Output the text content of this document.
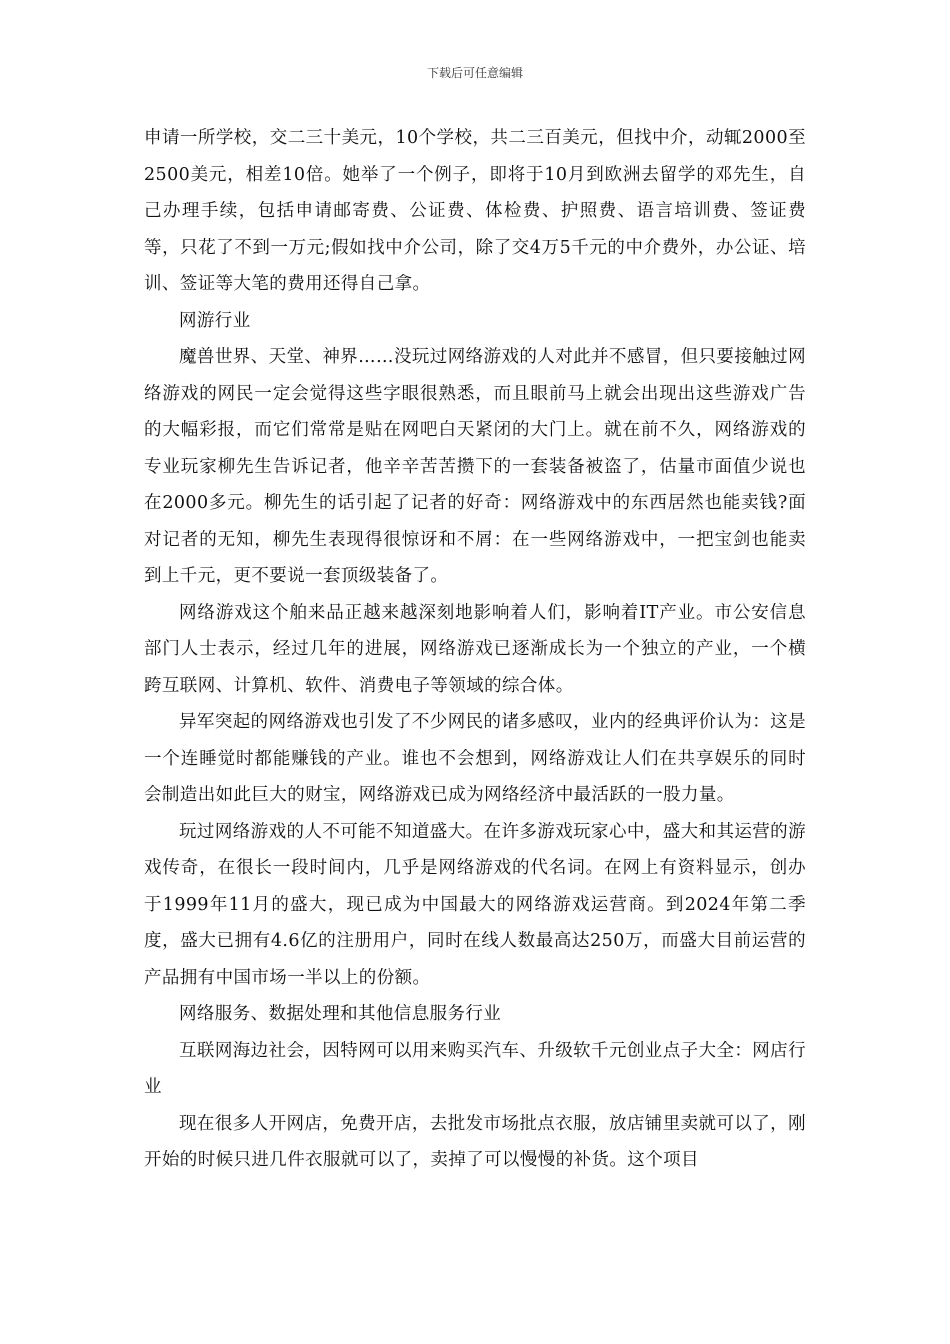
下载后可任意编辑

申请一所学校，交二三十美元，10个学校，共二三百美元，但找中介，动辄2000至2500美元，相差10倍。她举了一个例子，即将于10月到欧洲去留学的邓先生，自己办理手续，包括申请邮寄费、公证费、体检费、护照费、语言培训费、签证费等，只花了不到一万元;假如找中介公司，除了交4万5千元的中介费外，办公证、培训、签证等大笔的费用还得自己拿。

网游行业

魔兽世界、天堂、神界……没玩过网络游戏的人对此并不感冒，但只要接触过网络游戏的网民一定会觉得这些字眼很熟悉，而且眼前马上就会出现出这些游戏广告的大幅彩报，而它们常常是贴在网吧白天紧闭的大门上。就在前不久，网络游戏的专业玩家柳先生告诉记者，他辛辛苦苦攒下的一套装备被盗了，估量市面值少说也在2000多元。柳先生的话引起了记者的好奇：网络游戏中的东西居然也能卖钱?面对记者的无知，柳先生表现得很惊讶和不屑：在一些网络游戏中，一把宝剑也能卖到上千元，更不要说一套顶级装备了。

网络游戏这个舶来品正越来越深刻地影响着人们，影响着IT产业。市公安信息部门人士表示，经过几年的进展，网络游戏已逐渐成长为一个独立的产业，一个横跨互联网、计算机、软件、消费电子等领域的综合体。

异军突起的网络游戏也引发了不少网民的诸多感叹，业内的经典评价认为：这是一个连睡觉时都能赚钱的产业。谁也不会想到，网络游戏让人们在共享娱乐的同时会制造出如此巨大的财宝，网络游戏已成为网络经济中最活跃的一股力量。

玩过网络游戏的人不可能不知道盛大。在许多游戏玩家心中，盛大和其运营的游戏传奇，在很长一段时间内，几乎是网络游戏的代名词。在网上有资料显示，创办于1999年11月的盛大，现已成为中国最大的网络游戏运营商。到2024年第二季度，盛大已拥有4.6亿的注册用户，同时在线人数最高达250万，而盛大目前运营的产品拥有中国市场一半以上的份额。

网络服务、数据处理和其他信息服务行业

互联网海边社会，因特网可以用来购买汽车、升级软千元创业点子大全：网店行业

现在很多人开网店，免费开店，去批发市场批点衣服，放店铺里卖就可以了，刚开始的时候只进几件衣服就可以了，卖掉了可以慢慢的补货。这个项目
